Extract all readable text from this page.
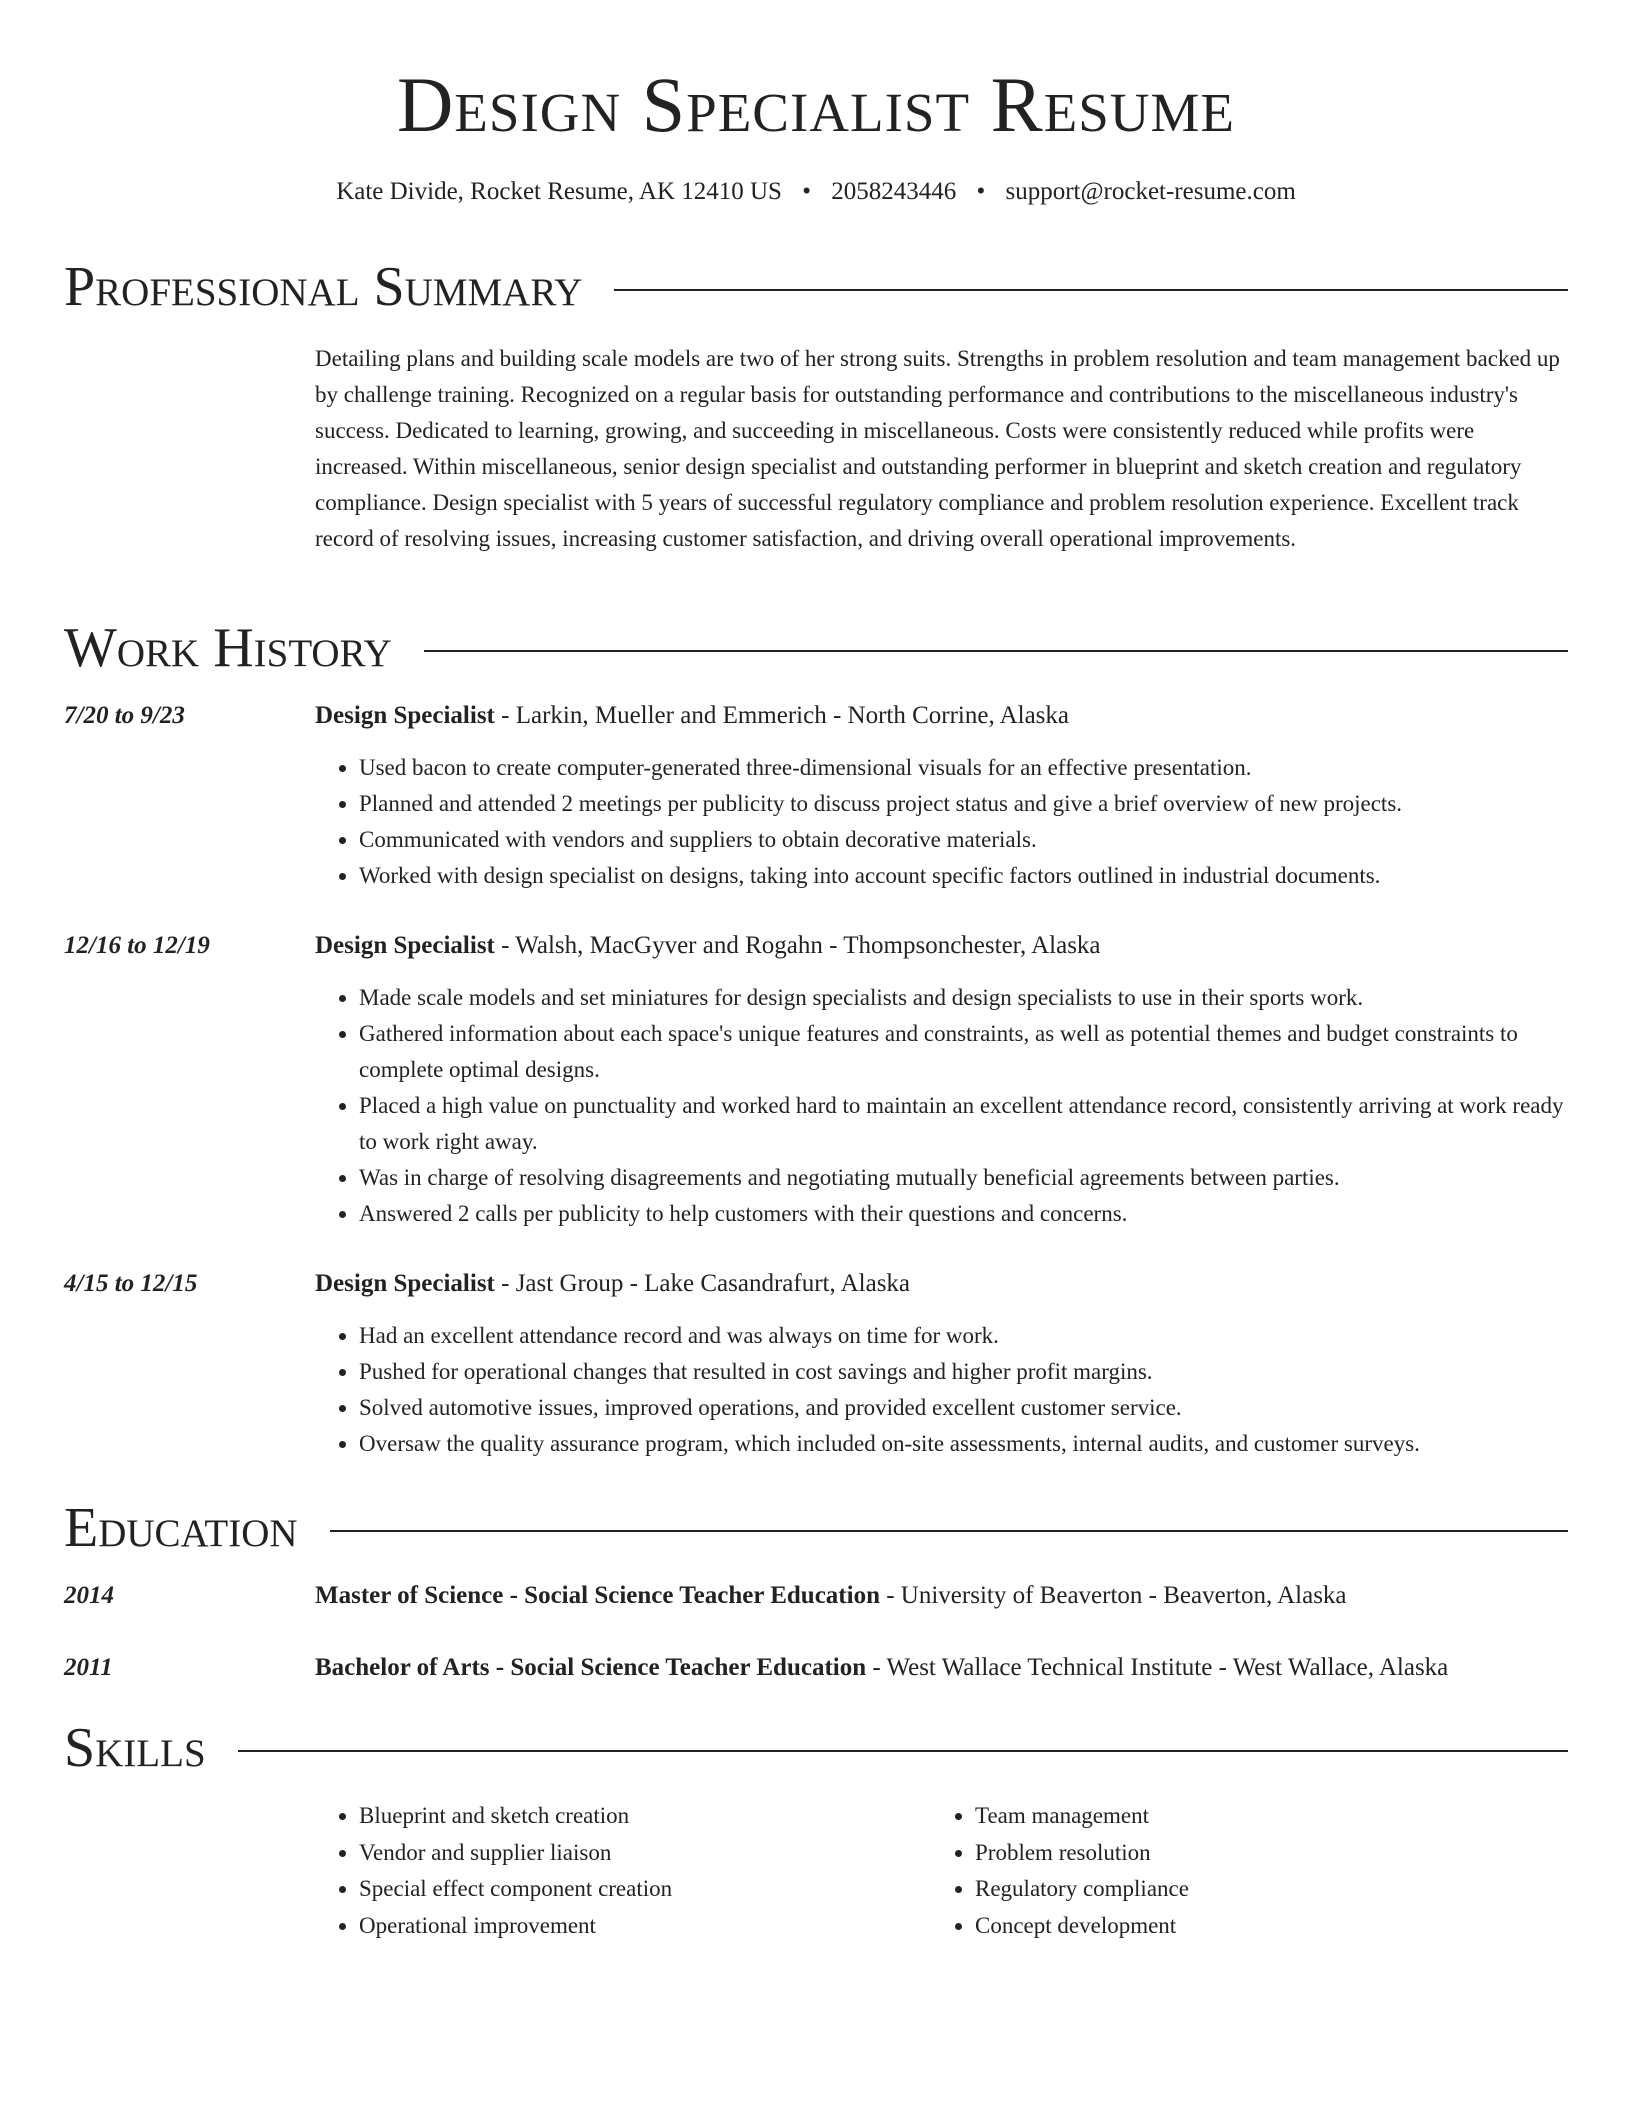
Design Specialist Resume
Kate Divide, Rocket Resume, AK 12410 US • 2058243446 • support@rocket-resume.com
Professional Summary

Detailing plans and building scale models are two of her strong suits. Strengths in problem resolution and team management backed up by challenge training. Recognized on a regular basis for outstanding performance and contributions to the miscellaneous industry's success. Dedicated to learning, growing, and succeeding in miscellaneous. Costs were consistently reduced while profits were increased. Within miscellaneous, senior design specialist and outstanding performer in blueprint and sketch creation and regulatory compliance. Design specialist with 5 years of successful regulatory compliance and problem resolution experience. Excellent track record of resolving issues, increasing customer satisfaction, and driving overall operational improvements.

Work History
7/20 to 9/23	Design Specialist - Larkin, Mueller and Emmerich - North Corrine, Alaska
• Used bacon to create computer-generated three-dimensional visuals for an effective presentation.
• Planned and attended 2 meetings per publicity to discuss project status and give a brief overview of new projects.
• Communicated with vendors and suppliers to obtain decorative materials.
• Worked with design specialist on designs, taking into account specific factors outlined in industrial documents.
12/16 to 12/19	Design Specialist - Walsh, MacGyver and Rogahn - Thompsonchester, Alaska
• Made scale models and set miniatures for design specialists and design specialists to use in their sports work.
• Gathered information about each space's unique features and constraints, as well as potential themes and budget constraints to complete optimal designs.
• Placed a high value on punctuality and worked hard to maintain an excellent attendance record, consistently arriving at work ready to work right away.
• Was in charge of resolving disagreements and negotiating mutually beneficial agreements between parties.
• Answered 2 calls per publicity to help customers with their questions and concerns.
4/15 to 12/15	Design Specialist - Jast Group - Lake Casandrafurt, Alaska
• Had an excellent attendance record and was always on time for work.
• Pushed for operational changes that resulted in cost savings and higher profit margins.
• Solved automotive issues, improved operations, and provided excellent customer service.
• Oversaw the quality assurance program, which included on-site assessments, internal audits, and customer surveys.
Education
2014	Master of Science - Social Science Teacher Education - University of Beaverton - Beaverton, Alaska
2011	Bachelor of Arts - Social Science Teacher Education - West Wallace Technical Institute - West Wallace, Alaska
Skills
• Blueprint and sketch creation
• Vendor and supplier liaison
• Special effect component creation
• Operational improvement
• Team management
• Problem resolution
• Regulatory compliance
• Concept development
